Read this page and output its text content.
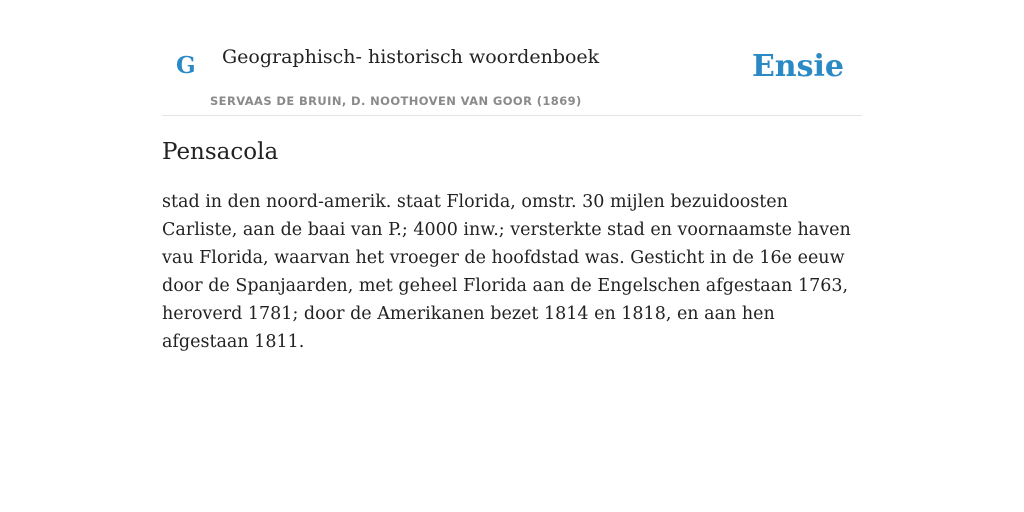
G Geographisch- historisch woordenboek
SERVAAS DE BRUIN, D. NOOTHOVEN VAN GOOR (1869)
Ensie
Pensacola

stad in den noord-amerik. staat Florida, omstr. 30 mijlen bezuidoosten Carliste, aan de baai van P.; 4000 inw.; versterkte stad en voornaamste haven vau Florida, waarvan het vroeger de hoofdstad was. Gesticht in de 16e eeuw door de Spanjaarden, met geheel Florida aan de Engelschen afgestaan 1763, heroverd 1781; door de Amerikanen bezet 1814 en 1818, en aan hen afgestaan 1811.
